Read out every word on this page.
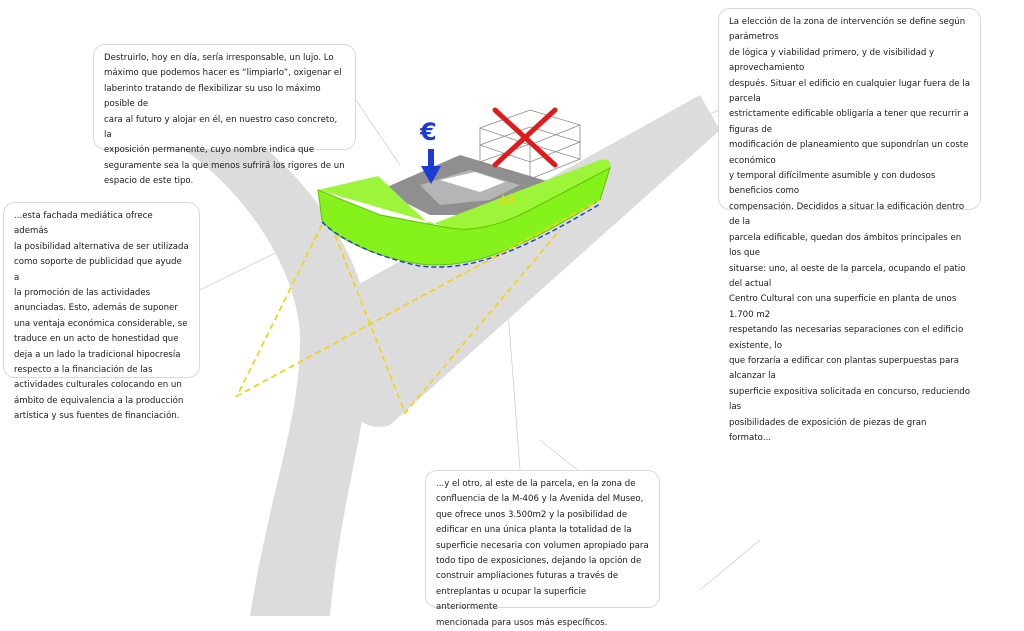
€
Destruirlo, hoy en día, sería irresponsable, un lujo. Lo
máximo que podemos hacer es “limpiarlo”, oxigenar el
laberinto tratando de flexibilizar su uso lo máximo posible de
cara al futuro y alojar en él, en nuestro caso concreto, la
exposición permanente, cuyo nombre indica que
seguramente sea la que menos sufrirá los rigores de un
espacio de este tipo.
...esta fachada mediática ofrece además
la posibilidad alternativa de ser utilizada
como soporte de publicidad que ayude a
la promoción de las actividades
anunciadas. Esto, además de suponer
una ventaja económica considerable, se
traduce en un acto de honestidad que
deja a un lado la tradicional hipocresía
respecto a la financiación de las
actividades culturales colocando en un
ámbito de equivalencia a la producción
artística y sus fuentes de financiación.
La elección de la zona de intervención se define según parámetros
de lógica y viabilidad primero, y de visibilidad y aprovechamiento
después. Situar el edificio en cualquier lugar fuera de la parcela
estrictamente edificable obligaría a tener que recurrir a figuras de
modificación de planeamiento que supondrían un coste económico
y temporal difícilmente asumible y con dudosos beneficios como
compensación. Decididos a situar la edificación dentro de la
parcela edificable, quedan dos ámbitos principales en los que
situarse: uno, al oeste de la parcela, ocupando el patio del actual
Centro Cultural con una superficie en planta de unos 1.700 m2
respetando las necesarias separaciones con el edificio existente, lo
que forzaría a edificar con plantas superpuestas para alcanzar la
superficie expositiva solicitada en concurso, reduciendo las
posibilidades de exposición de piezas de gran formato...
...y el otro, al este de la parcela, en la zona de
confluencia de la M-406 y la Avenida del Museo,
que ofrece unos 3.500m2 y la posibilidad de
edificar en una única planta la totalidad de la
superficie necesaria con volumen apropiado para
todo tipo de exposiciones, dejando la opción de
construir ampliaciones futuras a través de
entreplantas u ocupar la superficie anteriormente
mencionada para usos más específicos.
